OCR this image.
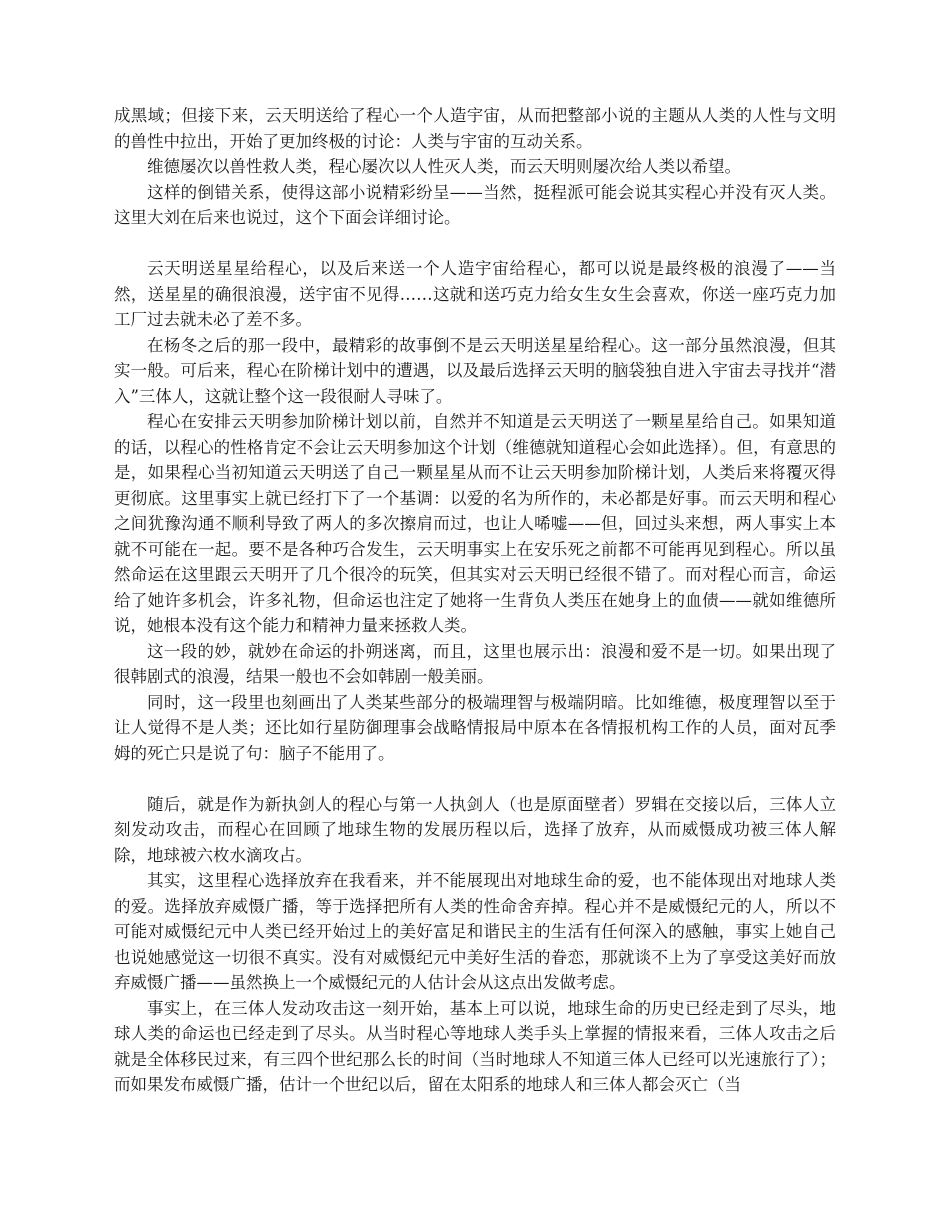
成黑域；但接下来，云天明送给了程心一个人造宇宙，从而把整部小说的主题从人类的人性与文明的兽性中拉出，开始了更加终极的讨论：人类与宇宙的互动关系。

维德屡次以兽性救人类，程心屡次以人性灭人类，而云天明则屡次给人类以希望。

这样的倒错关系，使得这部小说精彩纷呈——当然，挺程派可能会说其实程心并没有灭人类。这里大刘在后来也说过，这个下面会详细讨论。

云天明送星星给程心，以及后来送一个人造宇宙给程心，都可以说是最终极的浪漫了——当然，送星星的确很浪漫，送宇宙不见得……这就和送巧克力给女生女生会喜欢，你送一座巧克力加工厂过去就未必了差不多。

在杨冬之后的那一段中，最精彩的故事倒不是云天明送星星给程心。这一部分虽然浪漫，但其实一般。可后来，程心在阶梯计划中的遭遇，以及最后选择云天明的脑袋独自进入宇宙去寻找并“潜入”三体人，这就让整个这一段很耐人寻味了。

程心在安排云天明参加阶梯计划以前，自然并不知道是云天明送了一颗星星给自己。如果知道的话，以程心的性格肯定不会让云天明参加这个计划（维德就知道程心会如此选择）。但，有意思的是，如果程心当初知道云天明送了自己一颗星星从而不让云天明参加阶梯计划，人类后来将覆灭得更彻底。这里事实上就已经打下了一个基调：以爱的名为所作的，未必都是好事。而云天明和程心之间犹豫沟通不顺利导致了两人的多次擦肩而过，也让人唏嘘——但，回过头来想，两人事实上本就不可能在一起。要不是各种巧合发生，云天明事实上在安乐死之前都不可能再见到程心。所以虽然命运在这里跟云天明开了几个很冷的玩笑，但其实对云天明已经很不错了。而对程心而言，命运给了她许多机会，许多礼物，但命运也注定了她将一生背负人类压在她身上的血债——就如维德所说，她根本没有这个能力和精神力量来拯救人类。

这一段的妙，就妙在命运的扑朔迷离，而且，这里也展示出：浪漫和爱不是一切。如果出现了很韩剧式的浪漫，结果一般也不会如韩剧一般美丽。

同时，这一段里也刻画出了人类某些部分的极端理智与极端阴暗。比如维德，极度理智以至于让人觉得不是人类；还比如行星防御理事会战略情报局中原本在各情报机构工作的人员，面对瓦季姆的死亡只是说了句：脑子不能用了。

随后，就是作为新执剑人的程心与第一人执剑人（也是原面壁者）罗辑在交接以后，三体人立刻发动攻击，而程心在回顾了地球生物的发展历程以后，选择了放弃，从而威慑成功被三体人解除，地球被六枚水滴攻占。

其实，这里程心选择放弃在我看来，并不能展现出对地球生命的爱，也不能体现出对地球人类的爱。选择放弃威慑广播，等于选择把所有人类的性命舍弃掉。程心并不是威慑纪元的人，所以不可能对威慑纪元中人类已经开始过上的美好富足和谐民主的生活有任何深入的感触，事实上她自己也说她感觉这一切很不真实。没有对威慑纪元中美好生活的眷恋，那就谈不上为了享受这美好而放弃威慑广播——虽然换上一个威慑纪元的人估计会从这点出发做考虑。

事实上，在三体人发动攻击这一刻开始，基本上可以说，地球生命的历史已经走到了尽头，地球人类的命运也已经走到了尽头。从当时程心等地球人类手头上掌握的情报来看，三体人攻击之后就是全体移民过来，有三四个世纪那么长的时间（当时地球人不知道三体人已经可以光速旅行了）；而如果发布威慑广播，估计一个世纪以后，留在太阳系的地球人和三体人都会灭亡（当
